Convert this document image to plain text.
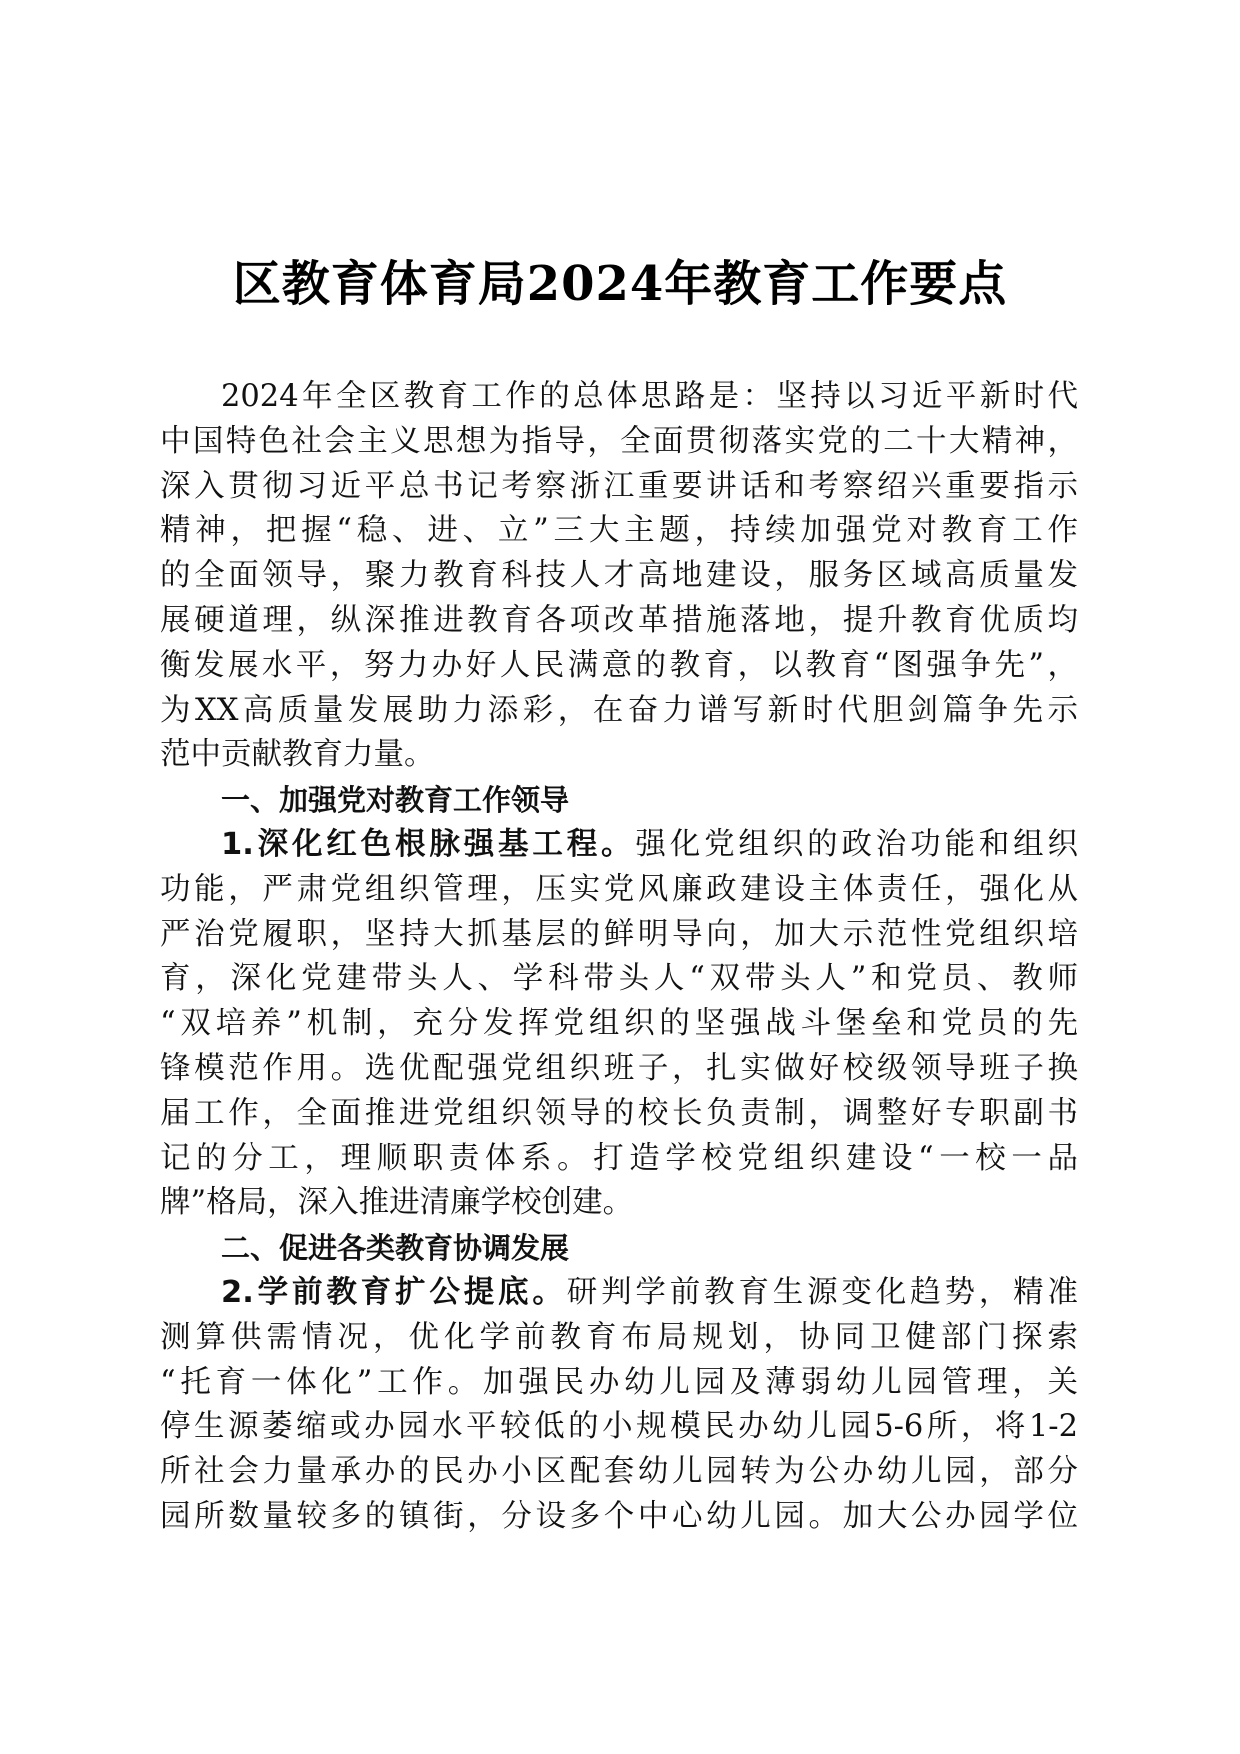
区教育体育局2024年教育工作要点
2024年全区教育工作的总体思路是：坚持以习近平新时代
中国特色社会主义思想为指导，全面贯彻落实党的二十大精神，
深入贯彻习近平总书记考察浙江重要讲话和考察绍兴重要指示
精神，把握“稳、进、立”三大主题，持续加强党对教育工作
的全面领导，聚力教育科技人才高地建设，服务区域高质量发
展硬道理，纵深推进教育各项改革措施落地，提升教育优质均
衡发展水平，努力办好人民满意的教育，以教育“图强争先”，
为XX高质量发展助力添彩，在奋力谱写新时代胆剑篇争先示
范中贡献教育力量。
一、加强党对教育工作领导
1.深化红色根脉强基工程。强化党组织的政治功能和组织
功能，严肃党组织管理，压实党风廉政建设主体责任，强化从
严治党履职，坚持大抓基层的鲜明导向，加大示范性党组织培
育，深化党建带头人、学科带头人“双带头人”和党员、教师
“双培养”机制，充分发挥党组织的坚强战斗堡垒和党员的先
锋模范作用。选优配强党组织班子，扎实做好校级领导班子换
届工作，全面推进党组织领导的校长负责制，调整好专职副书
记的分工，理顺职责体系。打造学校党组织建设“一校一品
牌”格局，深入推进清廉学校创建。
二、促进各类教育协调发展
2.学前教育扩公提底。研判学前教育生源变化趋势，精准
测算供需情况，优化学前教育布局规划，协同卫健部门探索
“托育一体化”工作。加强民办幼儿园及薄弱幼儿园管理，关
停生源萎缩或办园水平较低的小规模民办幼儿园5-6所，将1-2
所社会力量承办的民办小区配套幼儿园转为公办幼儿园，部分
园所数量较多的镇街，分设多个中心幼儿园。加大公办园学位
